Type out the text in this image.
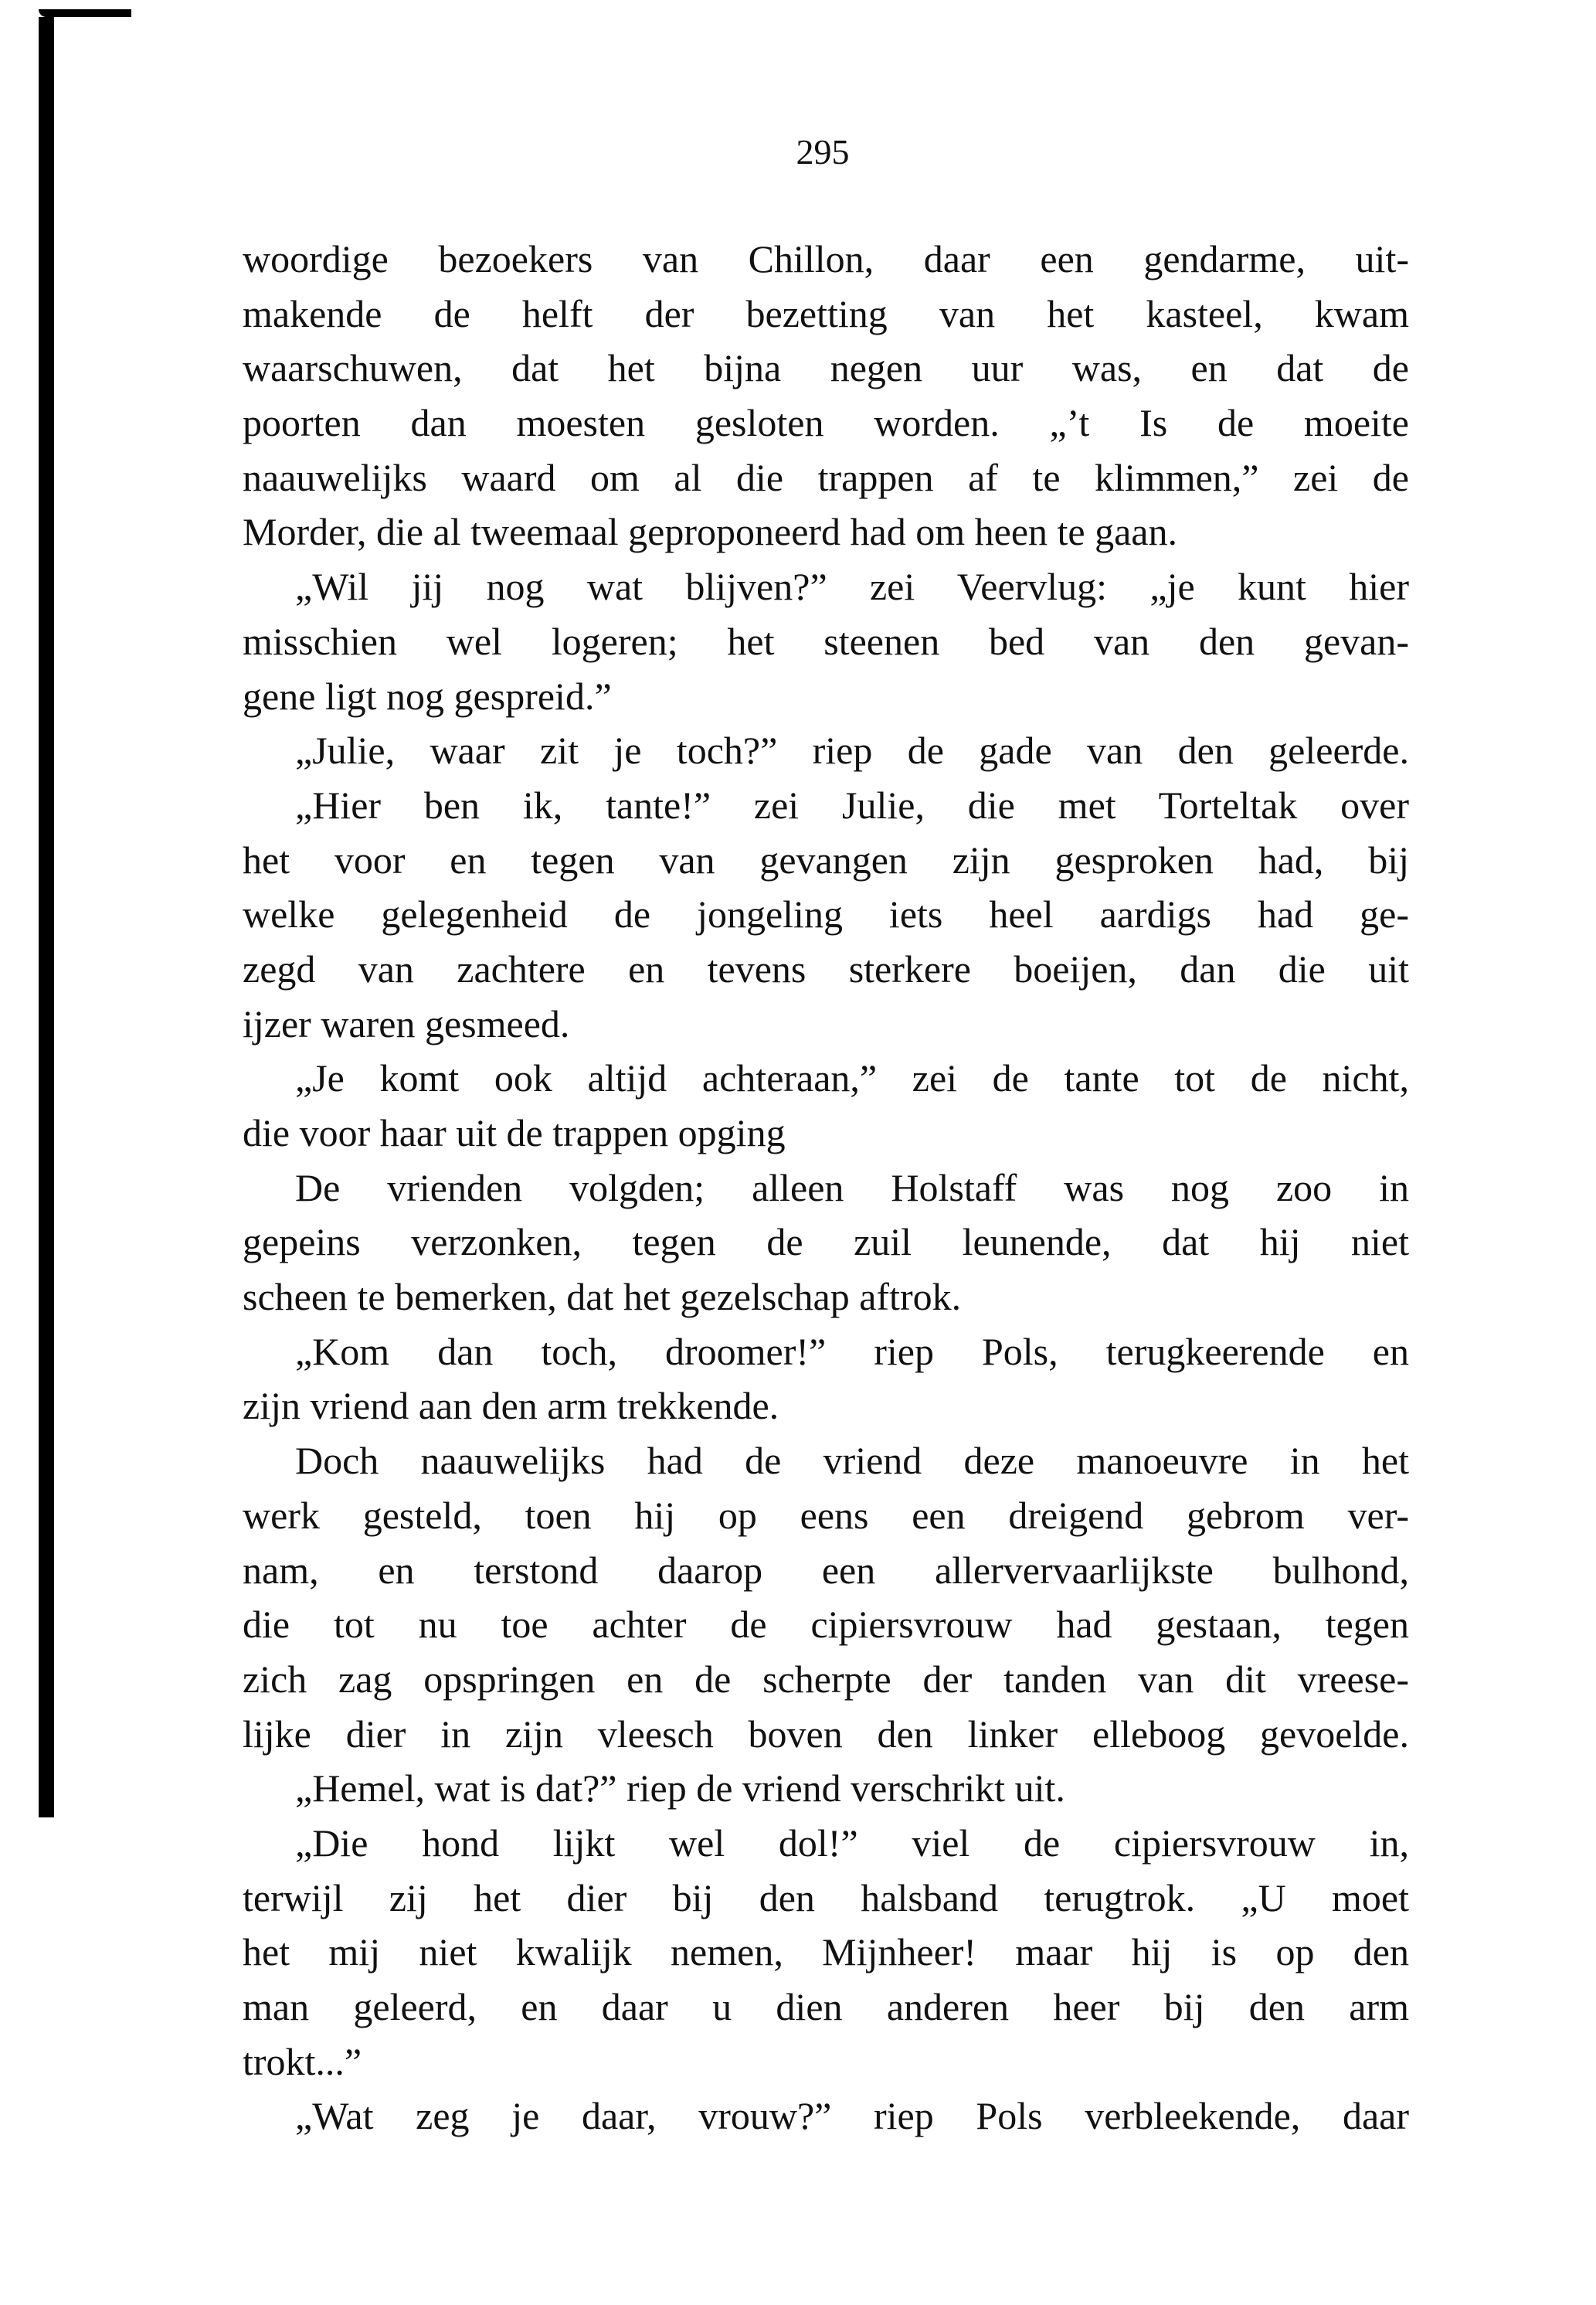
295
woordige bezoekers van Chillon, daar een gendarme, uit-
makende de helft der bezetting van het kasteel, kwam
waarschuwen, dat het bijna negen uur was, en dat de
poorten dan moesten gesloten worden. „’t Is de moeite
naauwelijks waard om al die trappen af te klimmen,” zei de
Morder, die al tweemaal geproponeerd had om heen te gaan.
„Wil jij nog wat blijven?” zei Veervlug: „je kunt hier
misschien wel logeren; het steenen bed van den gevan-
gene ligt nog gespreid.”
„Julie, waar zit je toch?” riep de gade van den geleerde.
„Hier ben ik, tante!” zei Julie, die met Torteltak over
het voor en tegen van gevangen zijn gesproken had, bij
welke gelegenheid de jongeling iets heel aardigs had ge-
zegd van zachtere en tevens sterkere boeijen, dan die uit
ijzer waren gesmeed.
„Je komt ook altijd achteraan,” zei de tante tot de nicht,
die voor haar uit de trappen opging
De vrienden volgden; alleen Holstaff was nog zoo in
gepeins verzonken, tegen de zuil leunende, dat hij niet
scheen te bemerken, dat het gezelschap aftrok.
„Kom dan toch, droomer!” riep Pols, terugkeerende en
zijn vriend aan den arm trekkende.
Doch naauwelijks had de vriend deze manoeuvre in het
werk gesteld, toen hij op eens een dreigend gebrom ver-
nam, en terstond daarop een allervervaarlijkste bulhond,
die tot nu toe achter de cipiersvrouw had gestaan, tegen
zich zag opspringen en de scherpte der tanden van dit vreese-
lijke dier in zijn vleesch boven den linker elleboog gevoelde.
„Hemel, wat is dat?” riep de vriend verschrikt uit.
„Die hond lijkt wel dol!” viel de cipiersvrouw in,
terwijl zij het dier bij den halsband terugtrok. „U moet
het mij niet kwalijk nemen, Mijnheer! maar hij is op den
man geleerd, en daar u dien anderen heer bij den arm
trokt...”
„Wat zeg je daar, vrouw?” riep Pols verbleekende, daar
